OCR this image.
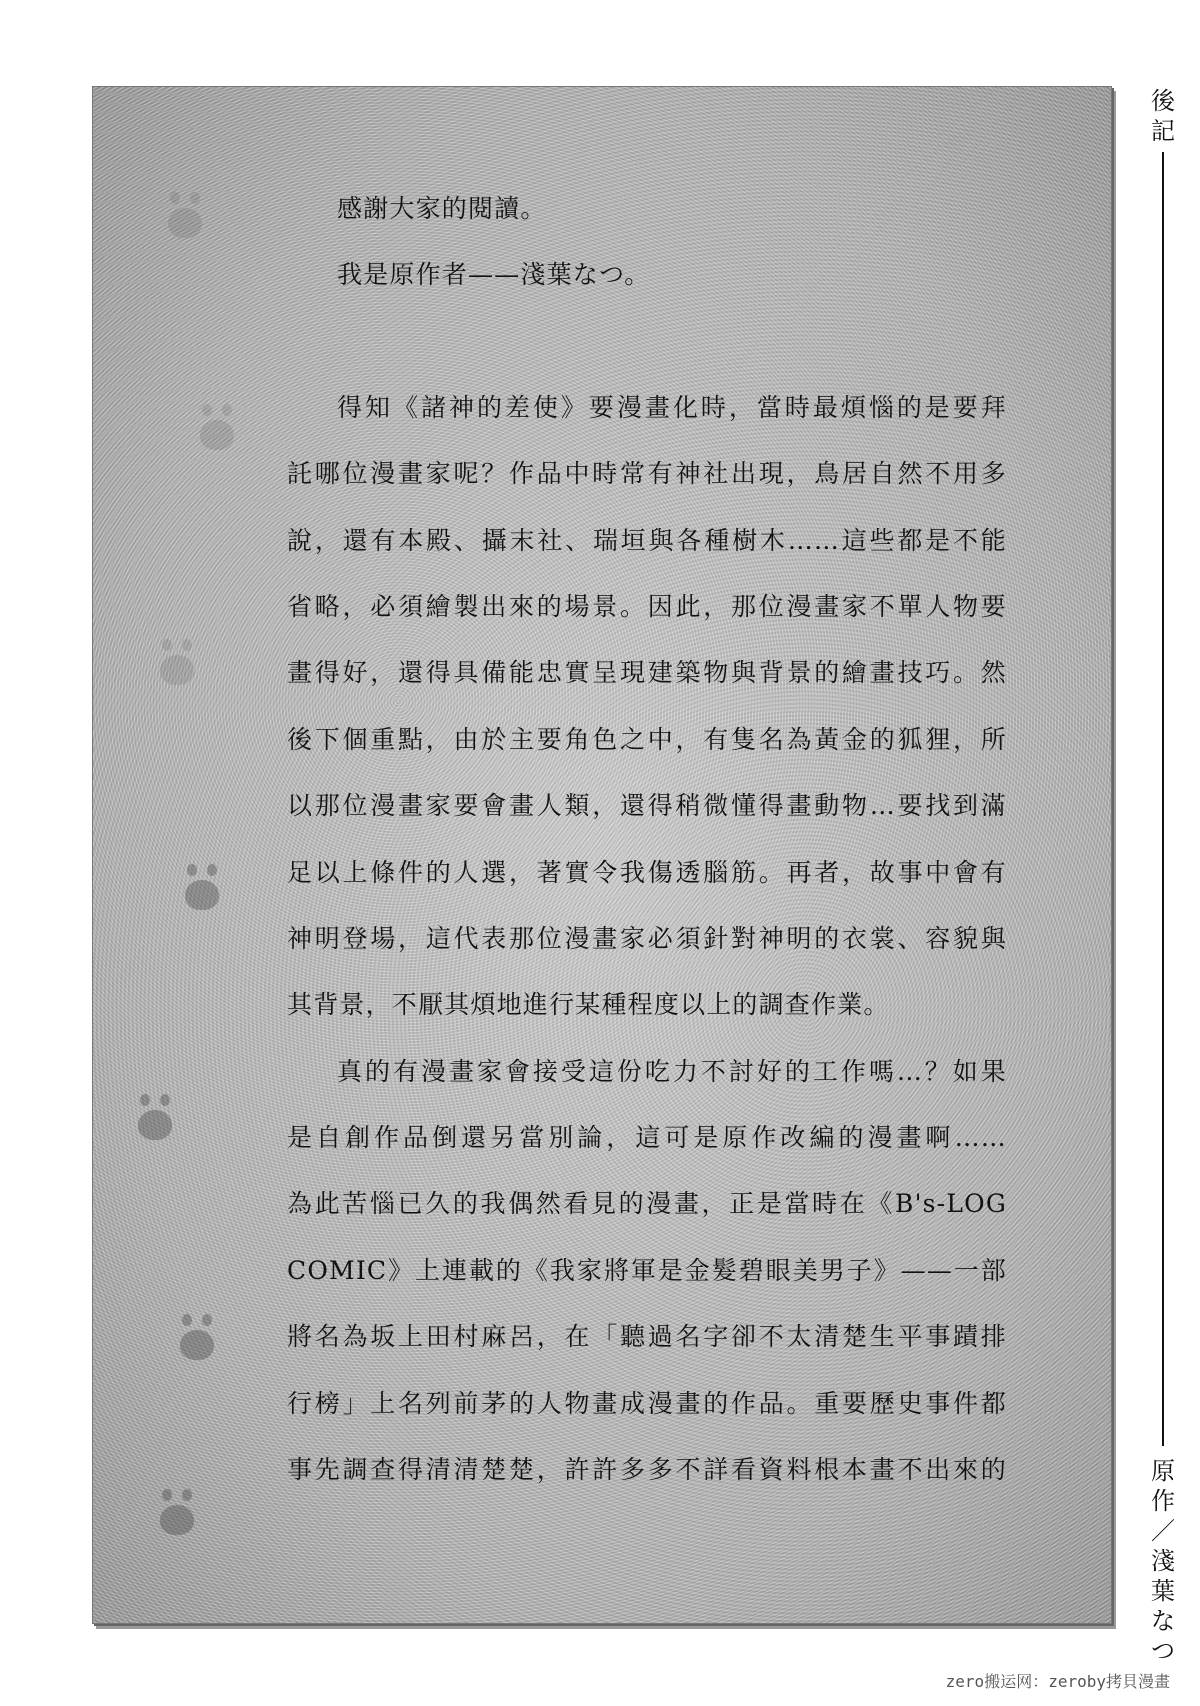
感謝大家的閱讀。
我是原作者——淺葉なつ。
得知《諸神的差使》要漫畫化時，當時最煩惱的是要拜
託哪位漫畫家呢？作品中時常有神社出現，鳥居自然不用多
說，還有本殿、攝末社、瑞垣與各種樹木……這些都是不能
省略，必須繪製出來的場景。因此，那位漫畫家不單人物要
畫得好，還得具備能忠實呈現建築物與背景的繪畫技巧。然
後下個重點，由於主要角色之中，有隻名為黃金的狐狸，所
以那位漫畫家要會畫人類，還得稍微懂得畫動物…要找到滿
足以上條件的人選，著實令我傷透腦筋。再者，故事中會有
神明登場，這代表那位漫畫家必須針對神明的衣裳、容貌與
其背景，不厭其煩地進行某種程度以上的調查作業。
真的有漫畫家會接受這份吃力不討好的工作嗎…？如果
是自創作品倒還另當別論，這可是原作改編的漫畫啊……
為此苦惱已久的我偶然看見的漫畫，正是當時在《B's-LOG
COMIC》上連載的《我家將軍是金髮碧眼美男子》——一部
將名為坂上田村麻呂，在「聽過名字卻不太清楚生平事蹟排
行榜」上名列前茅的人物畫成漫畫的作品。重要歷史事件都
事先調查得清清楚楚，許許多多不詳看資料根本畫不出來的
後
記
原
作
／
淺
葉
な
つ
zero搬运网：zeroby拷貝漫畫
